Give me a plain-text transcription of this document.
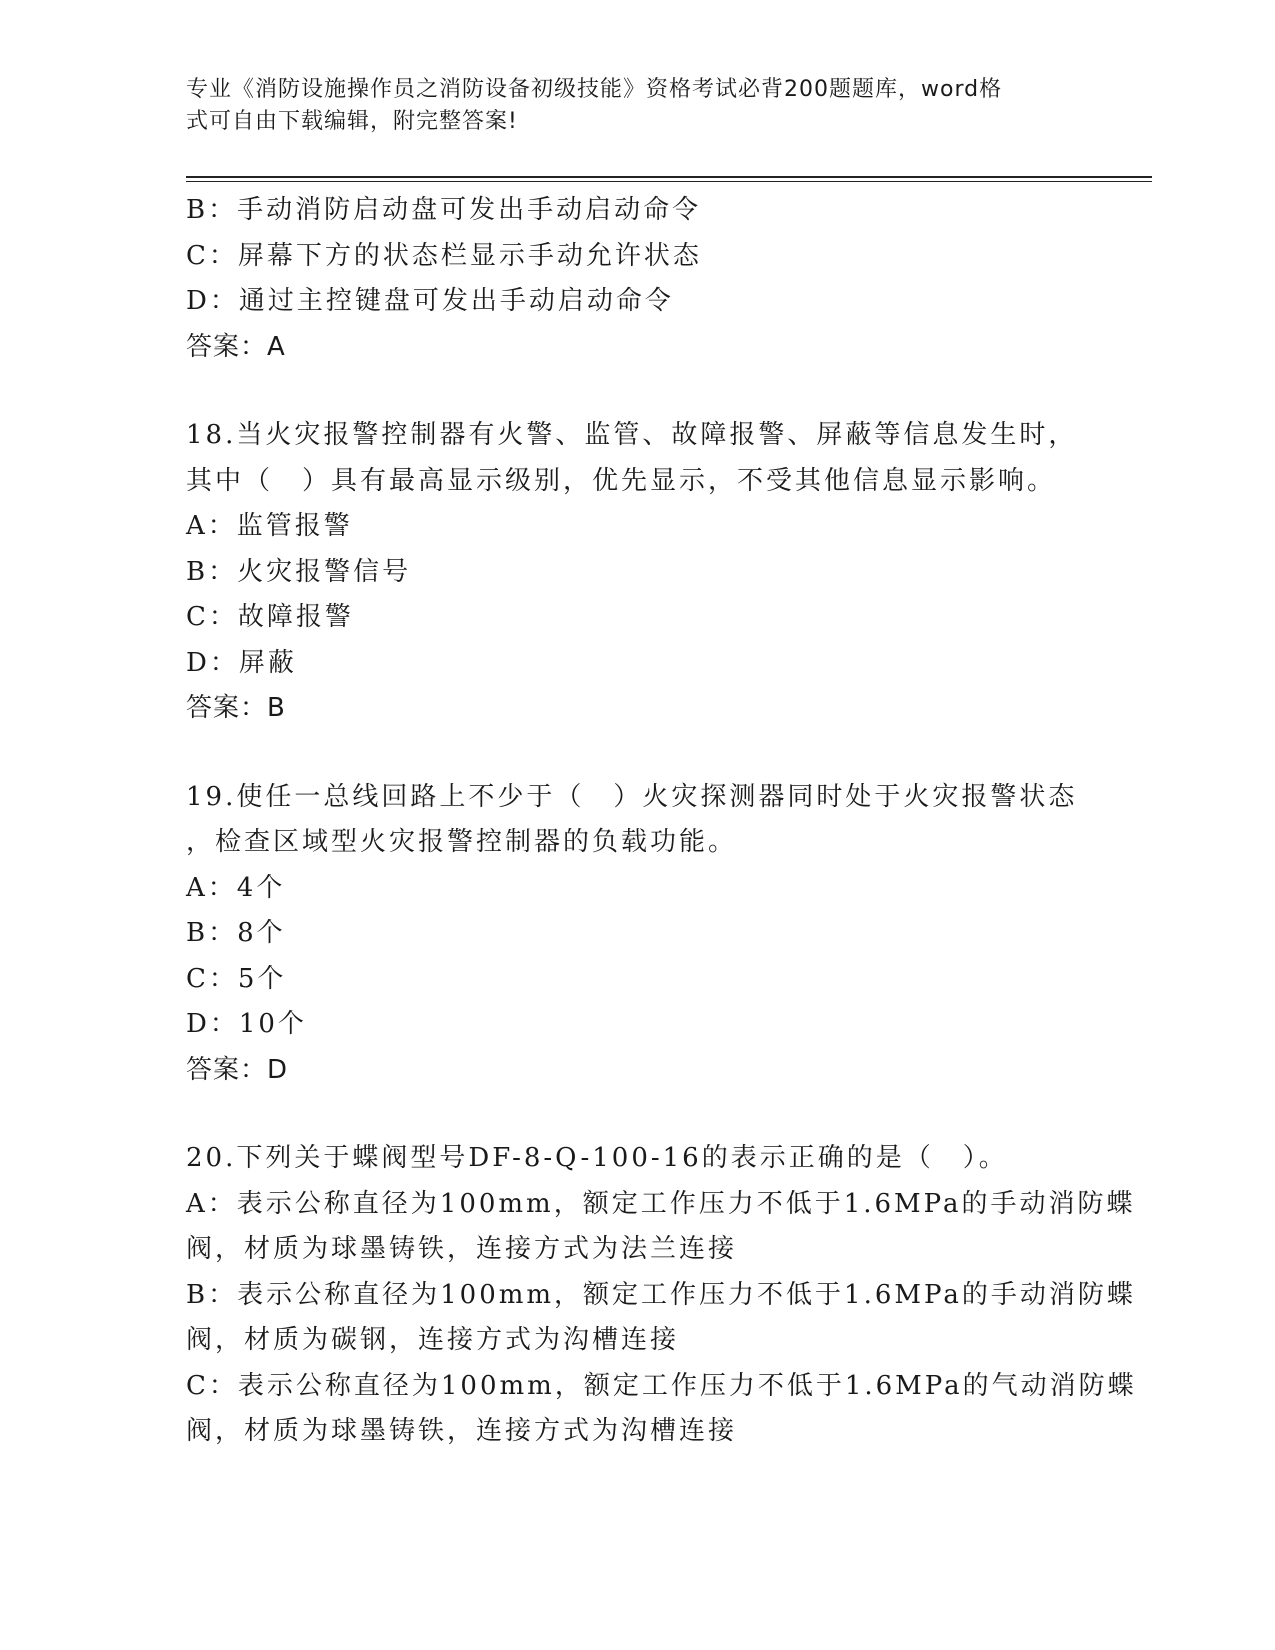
专业《消防设施操作员之消防设备初级技能》资格考试必背200题题库，word格
式可自由下载编辑，附完整答案!
B：手动消防启动盘可发出手动启动命令
C：屏幕下方的状态栏显示手动允许状态
D：通过主控键盘可发出手动启动命令
答案：A
18.当火灾报警控制器有火警、监管、故障报警、屏蔽等信息发生时，
其中（　）具有最高显示级别，优先显示，不受其他信息显示影响。
A：监管报警
B：火灾报警信号
C：故障报警
D：屏蔽
答案：B
19.使任一总线回路上不少于（　）火灾探测器同时处于火灾报警状态
，检查区域型火灾报警控制器的负载功能。
A：4个
B：8个
C：5个
D：10个
答案：D
20.下列关于蝶阀型号DF-8-Q-100-16的表示正确的是（　）。
A：表示公称直径为100mm，额定工作压力不低于1.6MPa的手动消防蝶
阀，材质为球墨铸铁，连接方式为法兰连接
B：表示公称直径为100mm，额定工作压力不低于1.6MPa的手动消防蝶
阀，材质为碳钢，连接方式为沟槽连接
C：表示公称直径为100mm，额定工作压力不低于1.6MPa的气动消防蝶
阀，材质为球墨铸铁，连接方式为沟槽连接
